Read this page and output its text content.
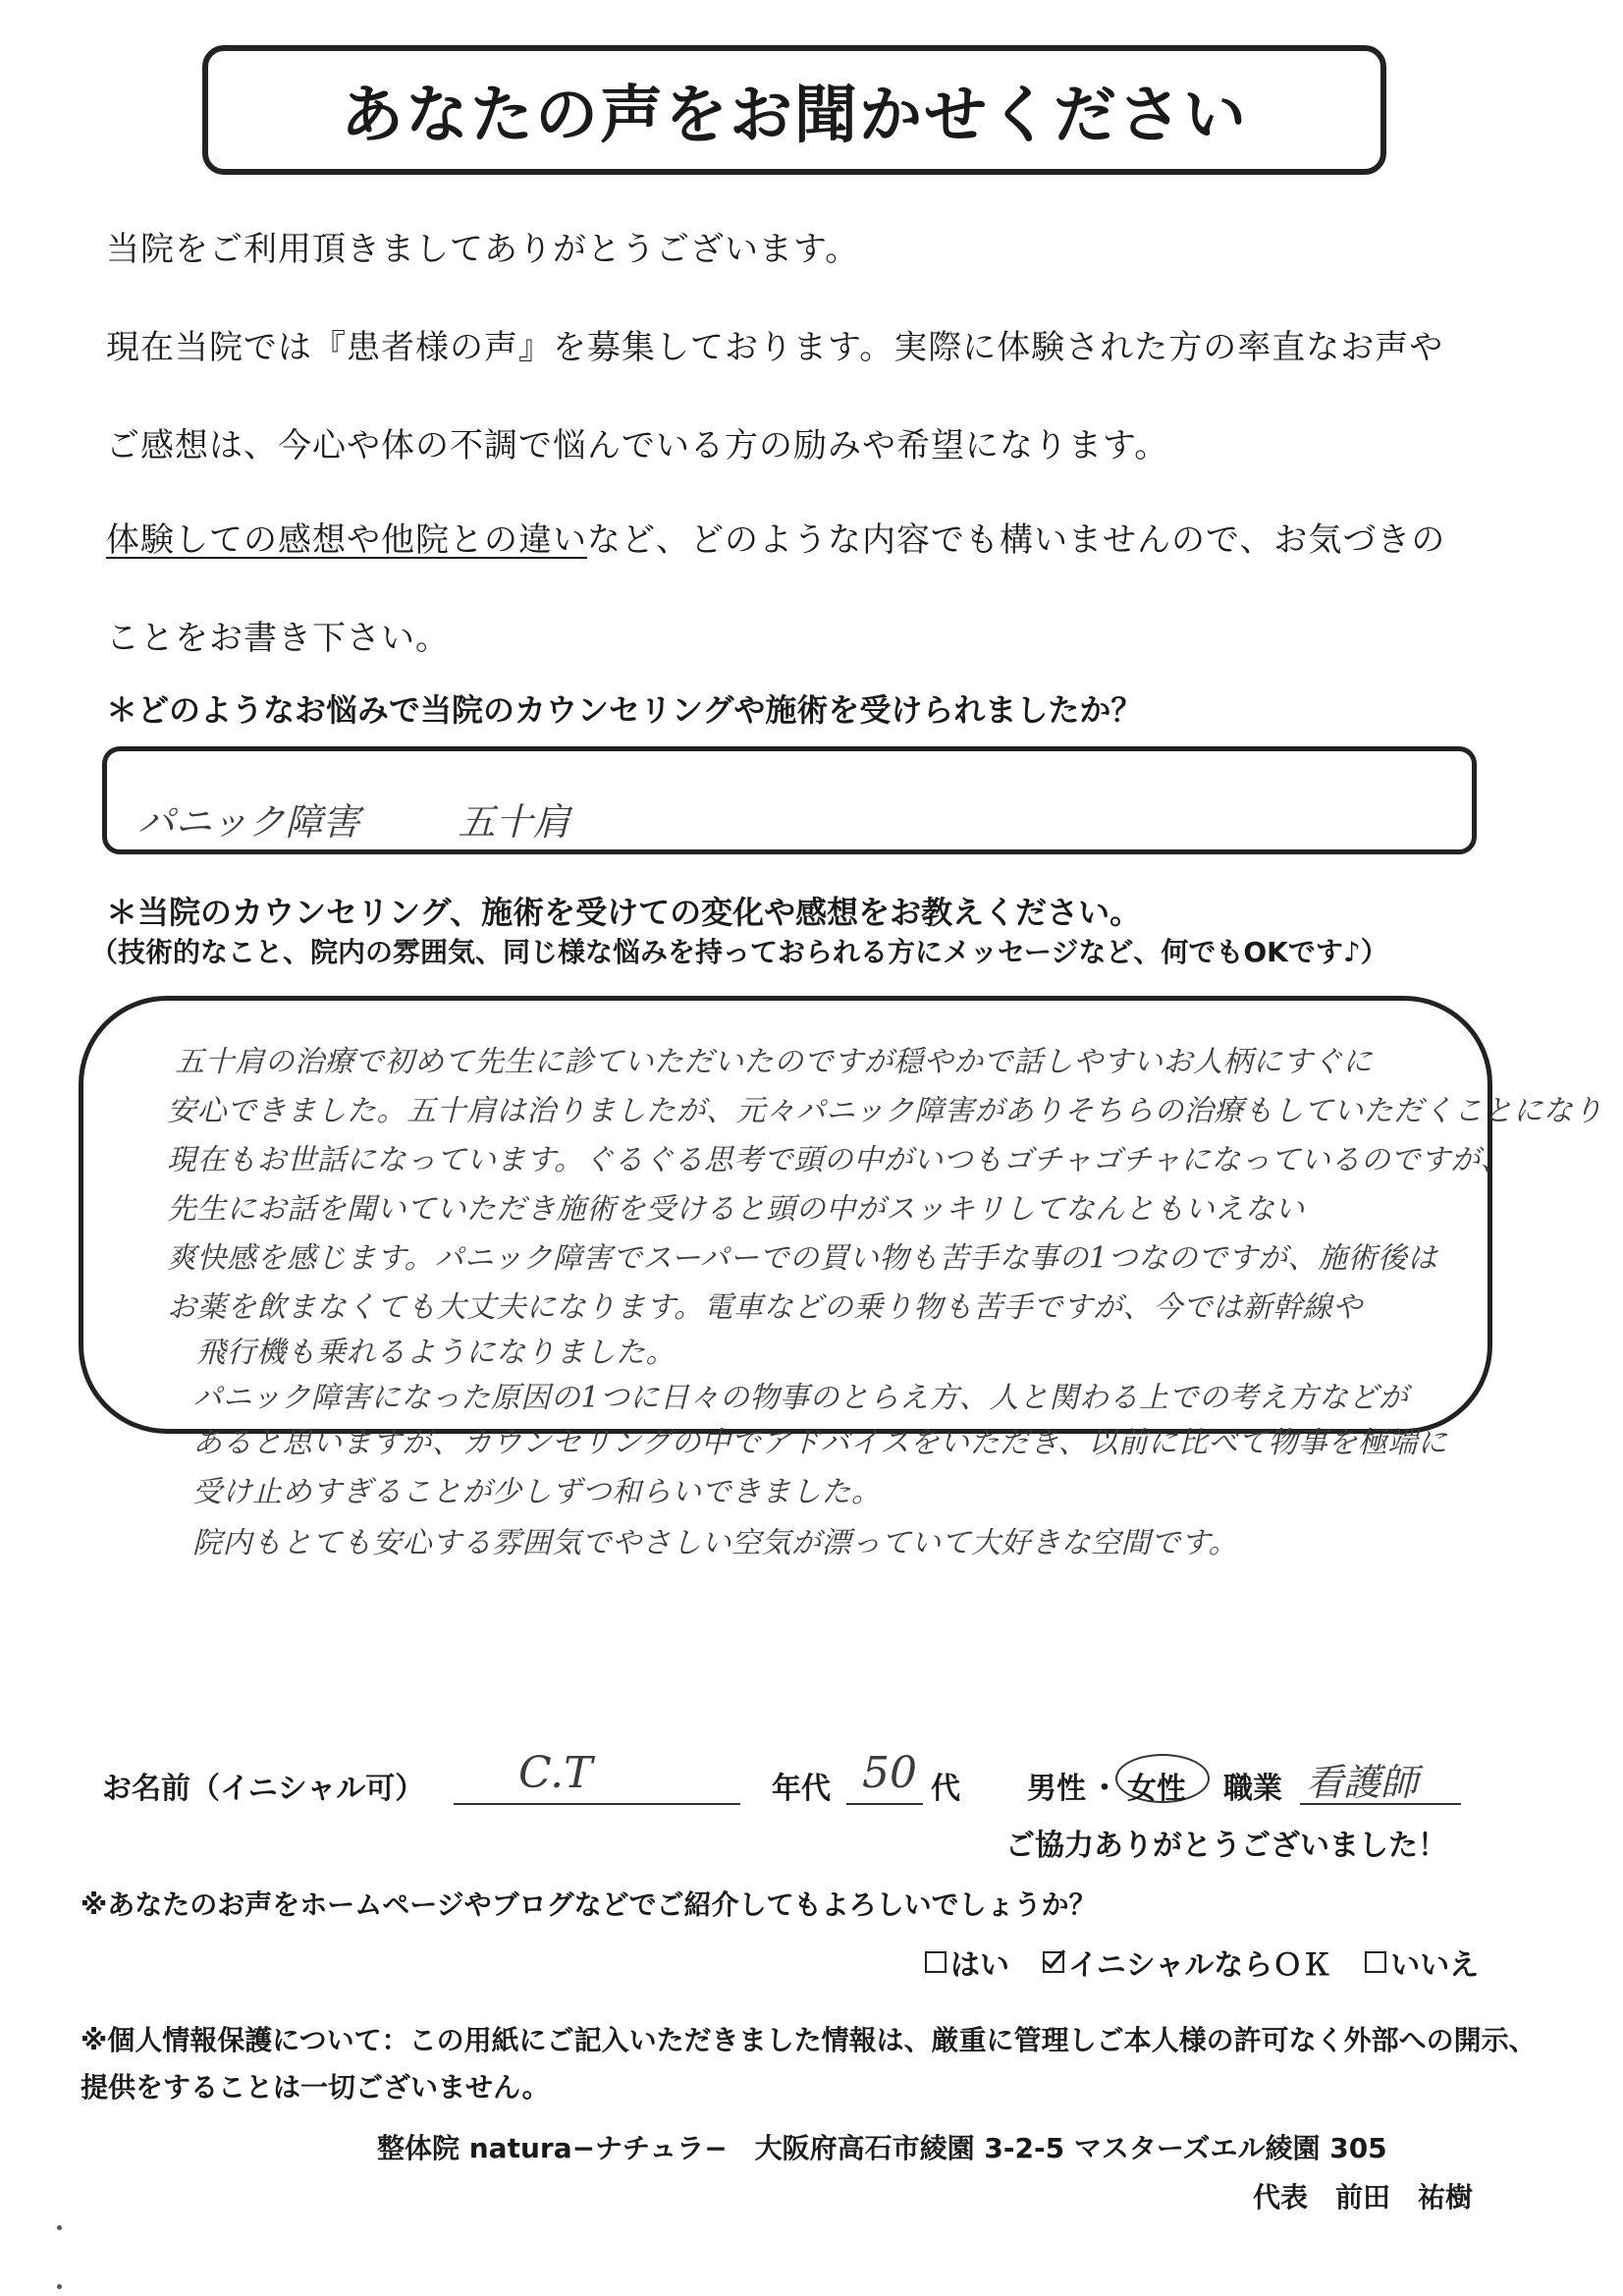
あなたの声をお聞かせください
当院をご利用頂きましてありがとうございます。
現在当院では『患者様の声』を募集しております。実際に体験された方の率直なお声や
ご感想は、今心や体の不調で悩んでいる方の励みや希望になります。
体験しての感想や他院との違いなど、どのような内容でも構いませんので、お気づきの
ことをお書き下さい。
＊どのようなお悩みで当院のカウンセリングや施術を受けられましたか？
パニック障害	五十肩
＊当院のカウンセリング、施術を受けての変化や感想をお教えください。
（技術的なこと、院内の雰囲気、同じ様な悩みを持っておられる方にメッセージなど、何でもOKです♪）
五十肩の治療で初めて先生に診ていただいたのですが穏やかで話しやすいお人柄にすぐに
安心できました。五十肩は治りましたが、元々パニック障害がありそちらの治療もしていただくことになり
現在もお世話になっています。ぐるぐる思考で頭の中がいつもゴチャゴチャになっているのですが、
先生にお話を聞いていただき施術を受けると頭の中がスッキリしてなんともいえない
爽快感を感じます。パニック障害でスーパーでの買い物も苦手な事の1つなのですが、施術後は
お薬を飲まなくても大丈夫になります。電車などの乗り物も苦手ですが、今では新幹線や
飛行機も乗れるようになりました。
パニック障害になった原因の1つに日々の物事のとらえ方、人と関わる上での考え方などが
あると思いますが、カウンセリングの中でアドバイスをいただき、以前に比べて物事を極端に
受け止めすぎることが少しずつ和らいできました。
院内もとても安心する雰囲気でやさしい空気が漂っていて大好きな空間です。
お名前（イニシャル可） C.T	年代 50 代 男性 ・ 女性 職業 看護師
ご協力ありがとうございました！
※あなたのお声をホームページやブログなどでご紹介してもよろしいでしょうか？
はい イニシャルならＯＫ いいえ
※個人情報保護について：この用紙にご記入いただきました情報は、厳重に管理しご本人様の許可なく外部への開示、
提供をすることは一切ございません。
整体院 natura−ナチュラ−　大阪府高石市綾園 3-2-5 マスターズエル綾園 305
代表　前田　祐樹
